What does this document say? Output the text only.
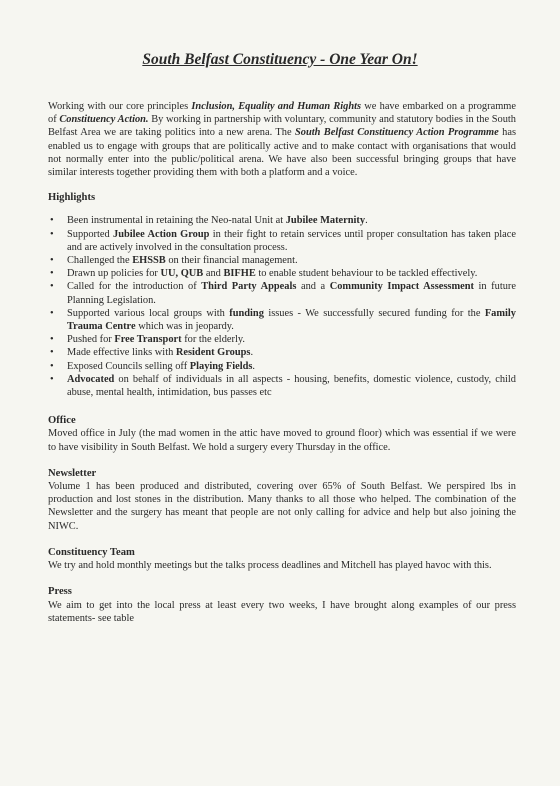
South Belfast Constituency - One Year On!

Working with our core principles Inclusion, Equality and Human Rights we have embarked on a programme of Constituency Action. By working in partnership with voluntary, community and statutory bodies in the South Belfast Area we are taking politics into a new arena. The South Belfast Constituency Action Programme has enabled us to engage with groups that are politically active and to make contact with organisations that would not normally enter into the public/political arena. We have also been successful bringing groups that have similar interests together providing them with both a platform and a voice.

Highlights

• Been instrumental in retaining the Neo-natal Unit at Jubilee Maternity.
• Supported Jubilee Action Group in their fight to retain services until proper consultation has taken place and are actively involved in the consultation process.
• Challenged the EHSSB on their financial management.
• Drawn up policies for UU, QUB and BIFHE to enable student behaviour to be tackled effectively.
• Called for the introduction of Third Party Appeals and a Community Impact Assessment in future Planning Legislation.
• Supported various local groups with funding issues - We successfully secured funding for the Family Trauma Centre which was in jeopardy.
• Pushed for Free Transport for the elderly.
• Made effective links with Resident Groups.
• Exposed Councils selling off Playing Fields.
• Advocated on behalf of individuals in all aspects - housing, benefits, domestic violence, custody, child abuse, mental health, intimidation, bus passes etc

Office

Moved office in July (the mad women in the attic have moved to ground floor) which was essential if we were to have visibility in South Belfast. We hold a surgery every Thursday in the office.

Newsletter

Volume 1 has been produced and distributed, covering over 65% of South Belfast. We perspired lbs in production and lost stones in the distribution. Many thanks to all those who helped. The combination of the Newsletter and the surgery has meant that people are not only calling for advice and help but also joining the NIWC.

Constituency Team

We try and hold monthly meetings but the talks process deadlines and Mitchell has played havoc with this.

Press

We aim to get into the local press at least every two weeks, I have brought along examples of our press statements- see table
